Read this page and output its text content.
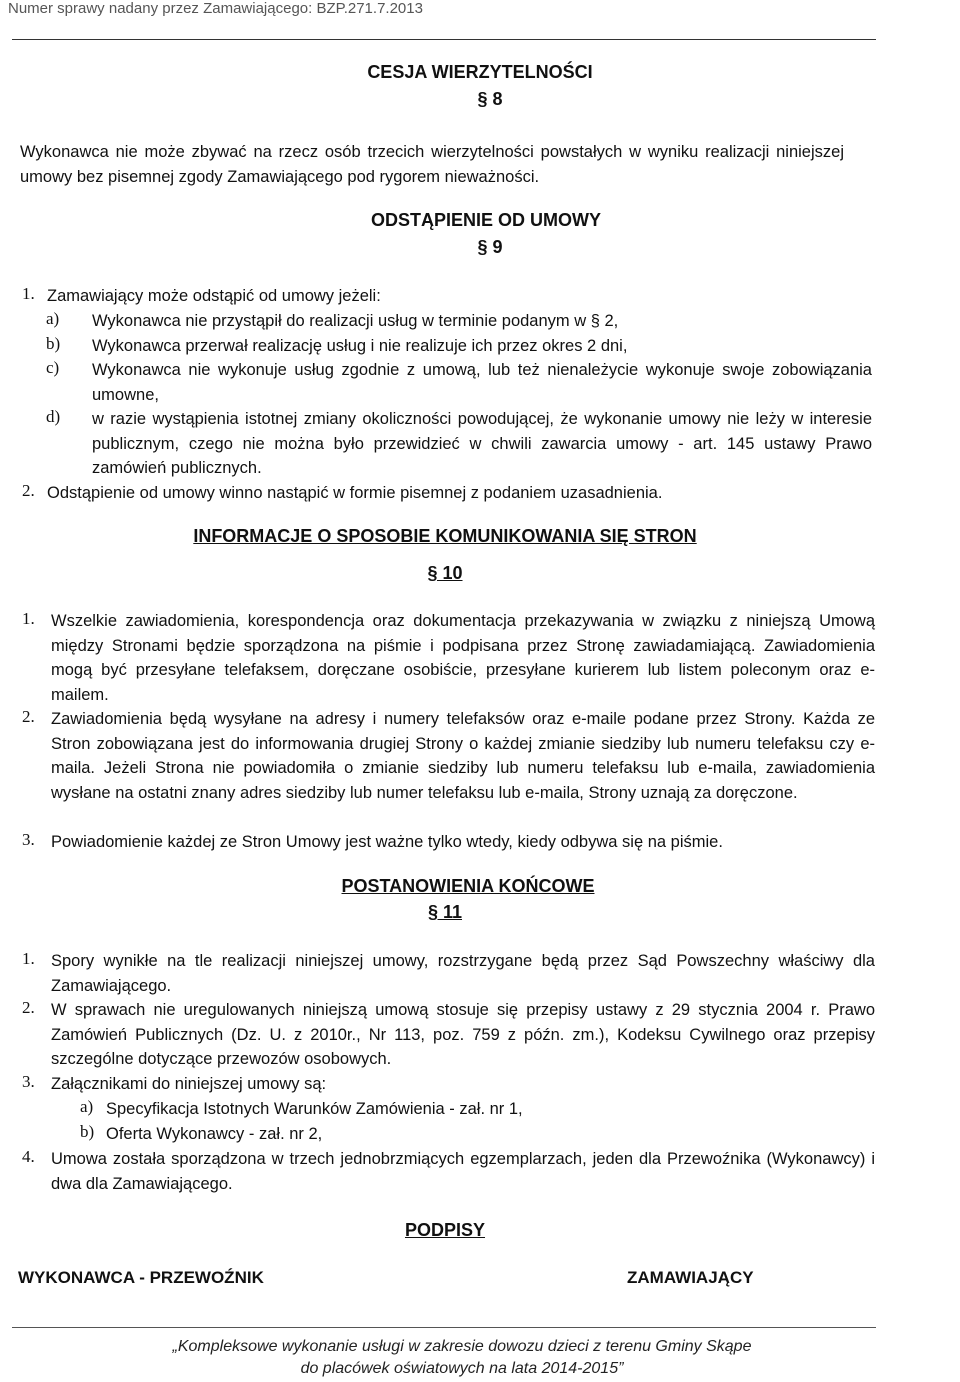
Numer sprawy nadany przez Zamawiającego: BZP.271.7.2013
CESJA WIERZYTELNOŚCI
§ 8
Wykonawca nie może zbywać na rzecz osób trzecich wierzytelności powstałych w wyniku realizacji niniejszej umowy bez pisemnej zgody Zamawiającego pod rygorem nieważności.
ODSTĄPIENIE OD UMOWY
§ 9
1. Zamawiający może odstąpić od umowy jeżeli:
a) Wykonawca nie przystąpił do realizacji usług w terminie podanym w § 2,
b) Wykonawca przerwał realizację usług i nie realizuje ich przez okres 2 dni,
c) Wykonawca nie wykonuje usług zgodnie z umową, lub też nienależycie wykonuje swoje zobowiązania umowne,
d) w razie wystąpienia istotnej zmiany okoliczności powodującej, że wykonanie umowy nie leży w interesie publicznym, czego nie można było przewidzieć w chwili zawarcia umowy - art. 145 ustawy Prawo zamówień publicznych.
2. Odstąpienie od umowy winno nastąpić w formie pisemnej z podaniem uzasadnienia.
INFORMACJE O SPOSOBIE KOMUNIKOWANIA SIĘ STRON
§ 10
1. Wszelkie zawiadomienia, korespondencja oraz dokumentacja przekazywania w związku z niniejszą Umową między Stronami będzie sporządzona na piśmie i podpisana przez Stronę zawiadamiającą. Zawiadomienia mogą być przesyłane telefaksem, doręczane osobiście, przesyłane kurierem lub listem poleconym oraz e-mailem.
2. Zawiadomienia będą wysyłane na adresy i numery telefaksów oraz e-maile podane przez Strony. Każda ze Stron zobowiązana jest do informowania drugiej Strony o każdej zmianie siedziby lub numeru telefaksu czy e-maila. Jeżeli Strona nie powiadomiła o zmianie siedziby lub numeru telefaksu lub e-maila, zawiadomienia wysłane na ostatni znany adres siedziby lub numer telefaksu lub e-maila, Strony uznają za doręczone.
3. Powiadomienie każdej ze Stron Umowy jest ważne tylko wtedy, kiedy odbywa się na piśmie.
POSTANOWIENIA KOŃCOWE
§ 11
1. Spory wynikłe na tle realizacji niniejszej umowy, rozstrzygane będą przez Sąd Powszechny właściwy dla Zamawiającego.
2. W sprawach nie uregulowanych niniejszą umową stosuje się przepisy ustawy z 29 stycznia 2004 r. Prawo Zamówień Publicznych (Dz. U. z 2010r., Nr 113, poz. 759 z późn. zm.), Kodeksu Cywilnego oraz przepisy szczególne dotyczące przewozów osobowych.
3. Załącznikami do niniejszej umowy są:
a) Specyfikacja Istotnych Warunków Zamówienia - zał. nr 1,
b) Oferta Wykonawcy - zał. nr 2,
4. Umowa została sporządzona w trzech jednobrzmiących egzemplarzach, jeden dla Przewoźnika (Wykonawcy) i dwa dla Zamawiającego.
PODPISY
WYKONAWCA - PRZEWOŹNIK	ZAMAWIAJĄCY
„Kompleksowe wykonanie usługi w zakresie dowozu dzieci z terenu Gminy Skąpe
do placówek oświatowych na lata 2014-2015”
